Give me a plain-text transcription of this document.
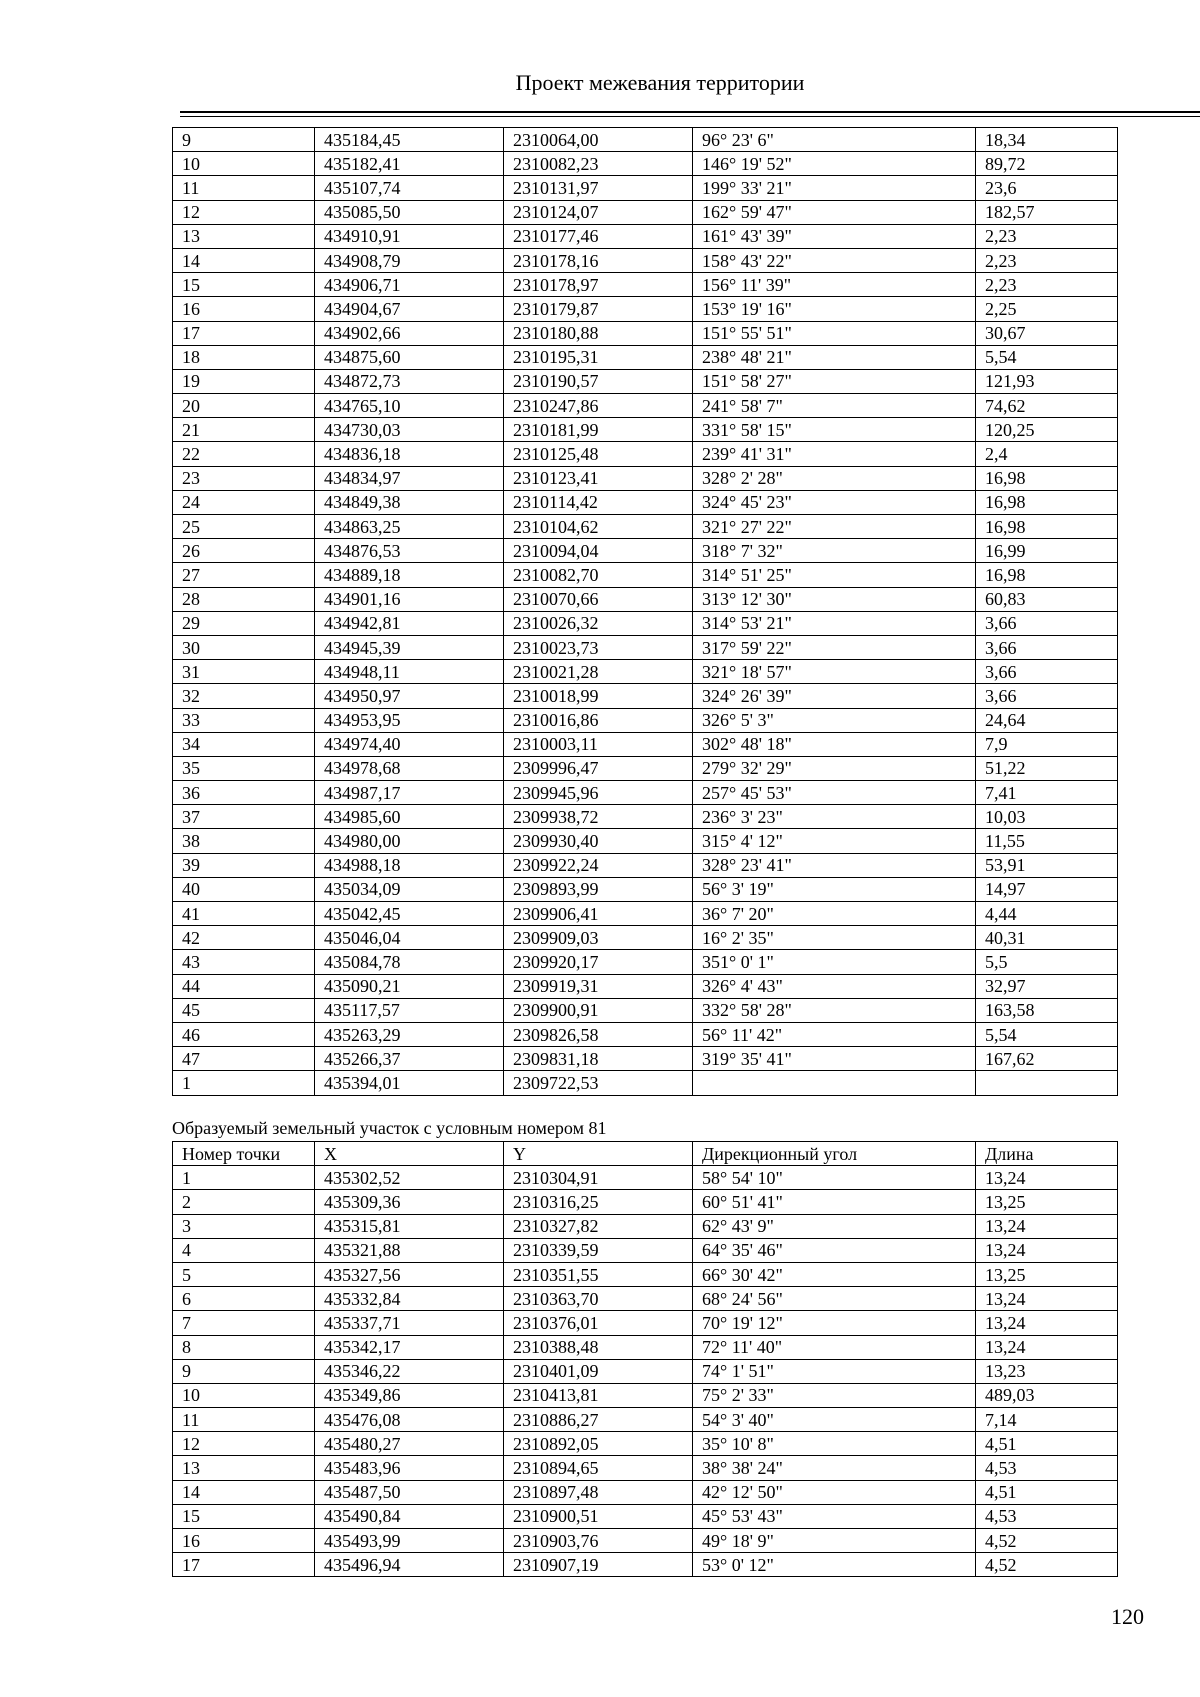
Проект межевания территории
9	435184,45	2310064,00	96° 23' 6"	18,34
10	435182,41	2310082,23	146° 19' 52"	89,72
11	435107,74	2310131,97	199° 33' 21"	23,6
12	435085,50	2310124,07	162° 59' 47"	182,57
13	434910,91	2310177,46	161° 43' 39"	2,23
14	434908,79	2310178,16	158° 43' 22"	2,23
15	434906,71	2310178,97	156° 11' 39"	2,23
16	434904,67	2310179,87	153° 19' 16"	2,25
17	434902,66	2310180,88	151° 55' 51"	30,67
18	434875,60	2310195,31	238° 48' 21"	5,54
19	434872,73	2310190,57	151° 58' 27"	121,93
20	434765,10	2310247,86	241° 58' 7"	74,62
21	434730,03	2310181,99	331° 58' 15"	120,25
22	434836,18	2310125,48	239° 41' 31"	2,4
23	434834,97	2310123,41	328° 2' 28"	16,98
24	434849,38	2310114,42	324° 45' 23"	16,98
25	434863,25	2310104,62	321° 27' 22"	16,98
26	434876,53	2310094,04	318° 7' 32"	16,99
27	434889,18	2310082,70	314° 51' 25"	16,98
28	434901,16	2310070,66	313° 12' 30"	60,83
29	434942,81	2310026,32	314° 53' 21"	3,66
30	434945,39	2310023,73	317° 59' 22"	3,66
31	434948,11	2310021,28	321° 18' 57"	3,66
32	434950,97	2310018,99	324° 26' 39"	3,66
33	434953,95	2310016,86	326° 5' 3"	24,64
34	434974,40	2310003,11	302° 48' 18"	7,9
35	434978,68	2309996,47	279° 32' 29"	51,22
36	434987,17	2309945,96	257° 45' 53"	7,41
37	434985,60	2309938,72	236° 3' 23"	10,03
38	434980,00	2309930,40	315° 4' 12"	11,55
39	434988,18	2309922,24	328° 23' 41"	53,91
40	435034,09	2309893,99	56° 3' 19"	14,97
41	435042,45	2309906,41	36° 7' 20"	4,44
42	435046,04	2309909,03	16° 2' 35"	40,31
43	435084,78	2309920,17	351° 0' 1"	5,5
44	435090,21	2309919,31	326° 4' 43"	32,97
45	435117,57	2309900,91	332° 58' 28"	163,58
46	435263,29	2309826,58	56° 11' 42"	5,54
47	435266,37	2309831,18	319° 35' 41"	167,62
1	435394,01	2309722,53		
Образуемый земельный участок с условным номером 81
Номер точки	X	Y	Дирекционный угол	Длина
1	435302,52	2310304,91	58° 54' 10"	13,24
2	435309,36	2310316,25	60° 51' 41"	13,25
3	435315,81	2310327,82	62° 43' 9"	13,24
4	435321,88	2310339,59	64° 35' 46"	13,24
5	435327,56	2310351,55	66° 30' 42"	13,25
6	435332,84	2310363,70	68° 24' 56"	13,24
7	435337,71	2310376,01	70° 19' 12"	13,24
8	435342,17	2310388,48	72° 11' 40"	13,24
9	435346,22	2310401,09	74° 1' 51"	13,23
10	435349,86	2310413,81	75° 2' 33"	489,03
11	435476,08	2310886,27	54° 3' 40"	7,14
12	435480,27	2310892,05	35° 10' 8"	4,51
13	435483,96	2310894,65	38° 38' 24"	4,53
14	435487,50	2310897,48	42° 12' 50"	4,51
15	435490,84	2310900,51	45° 53' 43"	4,53
16	435493,99	2310903,76	49° 18' 9"	4,52
17	435496,94	2310907,19	53° 0' 12"	4,52
120
